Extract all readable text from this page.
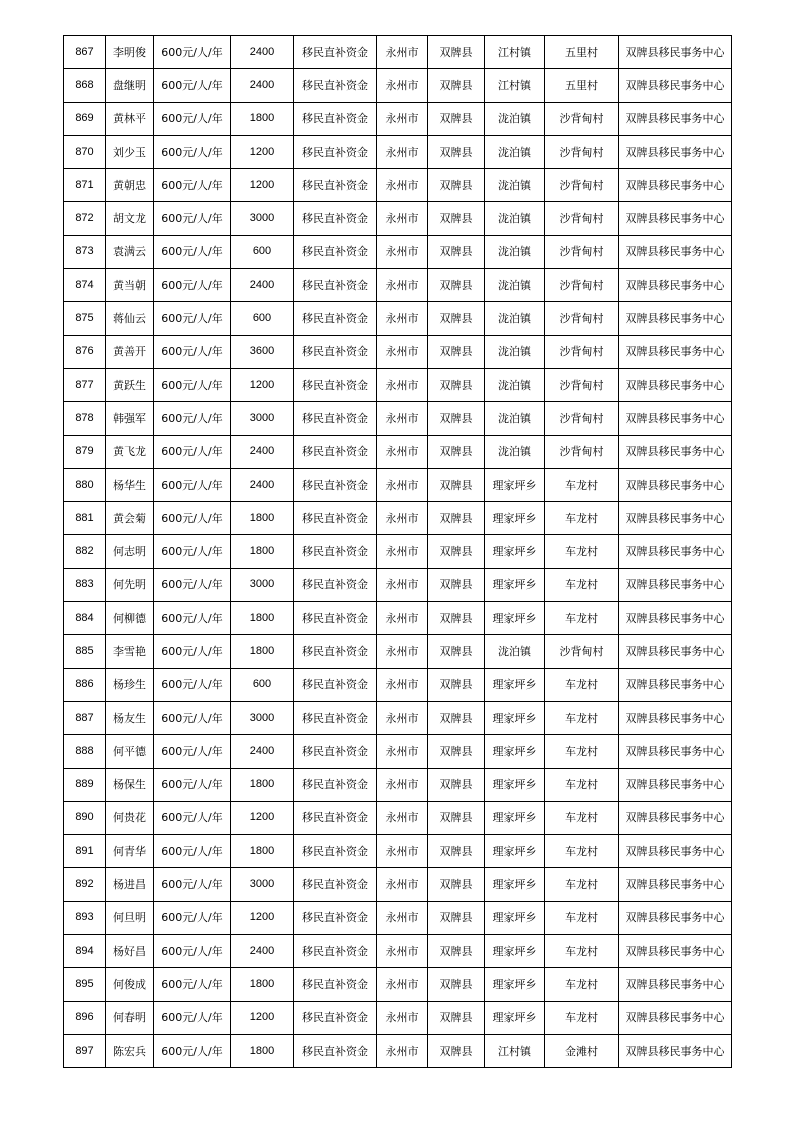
867	李明俊	600元/人/年	2400	移民直补资金	永州市	双牌县	江村镇	五里村	双牌县移民事务中心
868	盘继明	600元/人/年	2400	移民直补资金	永州市	双牌县	江村镇	五里村	双牌县移民事务中心
869	黄林平	600元/人/年	1800	移民直补资金	永州市	双牌县	泷泊镇	沙背甸村	双牌县移民事务中心
870	刘少玉	600元/人/年	1200	移民直补资金	永州市	双牌县	泷泊镇	沙背甸村	双牌县移民事务中心
871	黄朝忠	600元/人/年	1200	移民直补资金	永州市	双牌县	泷泊镇	沙背甸村	双牌县移民事务中心
872	胡文龙	600元/人/年	3000	移民直补资金	永州市	双牌县	泷泊镇	沙背甸村	双牌县移民事务中心
873	袁满云	600元/人/年	600	移民直补资金	永州市	双牌县	泷泊镇	沙背甸村	双牌县移民事务中心
874	黄当朝	600元/人/年	2400	移民直补资金	永州市	双牌县	泷泊镇	沙背甸村	双牌县移民事务中心
875	蒋仙云	600元/人/年	600	移民直补资金	永州市	双牌县	泷泊镇	沙背甸村	双牌县移民事务中心
876	黄善开	600元/人/年	3600	移民直补资金	永州市	双牌县	泷泊镇	沙背甸村	双牌县移民事务中心
877	黄跃生	600元/人/年	1200	移民直补资金	永州市	双牌县	泷泊镇	沙背甸村	双牌县移民事务中心
878	韩强军	600元/人/年	3000	移民直补资金	永州市	双牌县	泷泊镇	沙背甸村	双牌县移民事务中心
879	黄飞龙	600元/人/年	2400	移民直补资金	永州市	双牌县	泷泊镇	沙背甸村	双牌县移民事务中心
880	杨华生	600元/人/年	2400	移民直补资金	永州市	双牌县	理家坪乡	车龙村	双牌县移民事务中心
881	黄会菊	600元/人/年	1800	移民直补资金	永州市	双牌县	理家坪乡	车龙村	双牌县移民事务中心
882	何志明	600元/人/年	1800	移民直补资金	永州市	双牌县	理家坪乡	车龙村	双牌县移民事务中心
883	何先明	600元/人/年	3000	移民直补资金	永州市	双牌县	理家坪乡	车龙村	双牌县移民事务中心
884	何柳德	600元/人/年	1800	移民直补资金	永州市	双牌县	理家坪乡	车龙村	双牌县移民事务中心
885	李雪艳	600元/人/年	1800	移民直补资金	永州市	双牌县	泷泊镇	沙背甸村	双牌县移民事务中心
886	杨珍生	600元/人/年	600	移民直补资金	永州市	双牌县	理家坪乡	车龙村	双牌县移民事务中心
887	杨友生	600元/人/年	3000	移民直补资金	永州市	双牌县	理家坪乡	车龙村	双牌县移民事务中心
888	何平德	600元/人/年	2400	移民直补资金	永州市	双牌县	理家坪乡	车龙村	双牌县移民事务中心
889	杨保生	600元/人/年	1800	移民直补资金	永州市	双牌县	理家坪乡	车龙村	双牌县移民事务中心
890	何贵花	600元/人/年	1200	移民直补资金	永州市	双牌县	理家坪乡	车龙村	双牌县移民事务中心
891	何青华	600元/人/年	1800	移民直补资金	永州市	双牌县	理家坪乡	车龙村	双牌县移民事务中心
892	杨进昌	600元/人/年	3000	移民直补资金	永州市	双牌县	理家坪乡	车龙村	双牌县移民事务中心
893	何旦明	600元/人/年	1200	移民直补资金	永州市	双牌县	理家坪乡	车龙村	双牌县移民事务中心
894	杨好昌	600元/人/年	2400	移民直补资金	永州市	双牌县	理家坪乡	车龙村	双牌县移民事务中心
895	何俊成	600元/人/年	1800	移民直补资金	永州市	双牌县	理家坪乡	车龙村	双牌县移民事务中心
896	何春明	600元/人/年	1200	移民直补资金	永州市	双牌县	理家坪乡	车龙村	双牌县移民事务中心
897	陈宏兵	600元/人/年	1800	移民直补资金	永州市	双牌县	江村镇	金滩村	双牌县移民事务中心
